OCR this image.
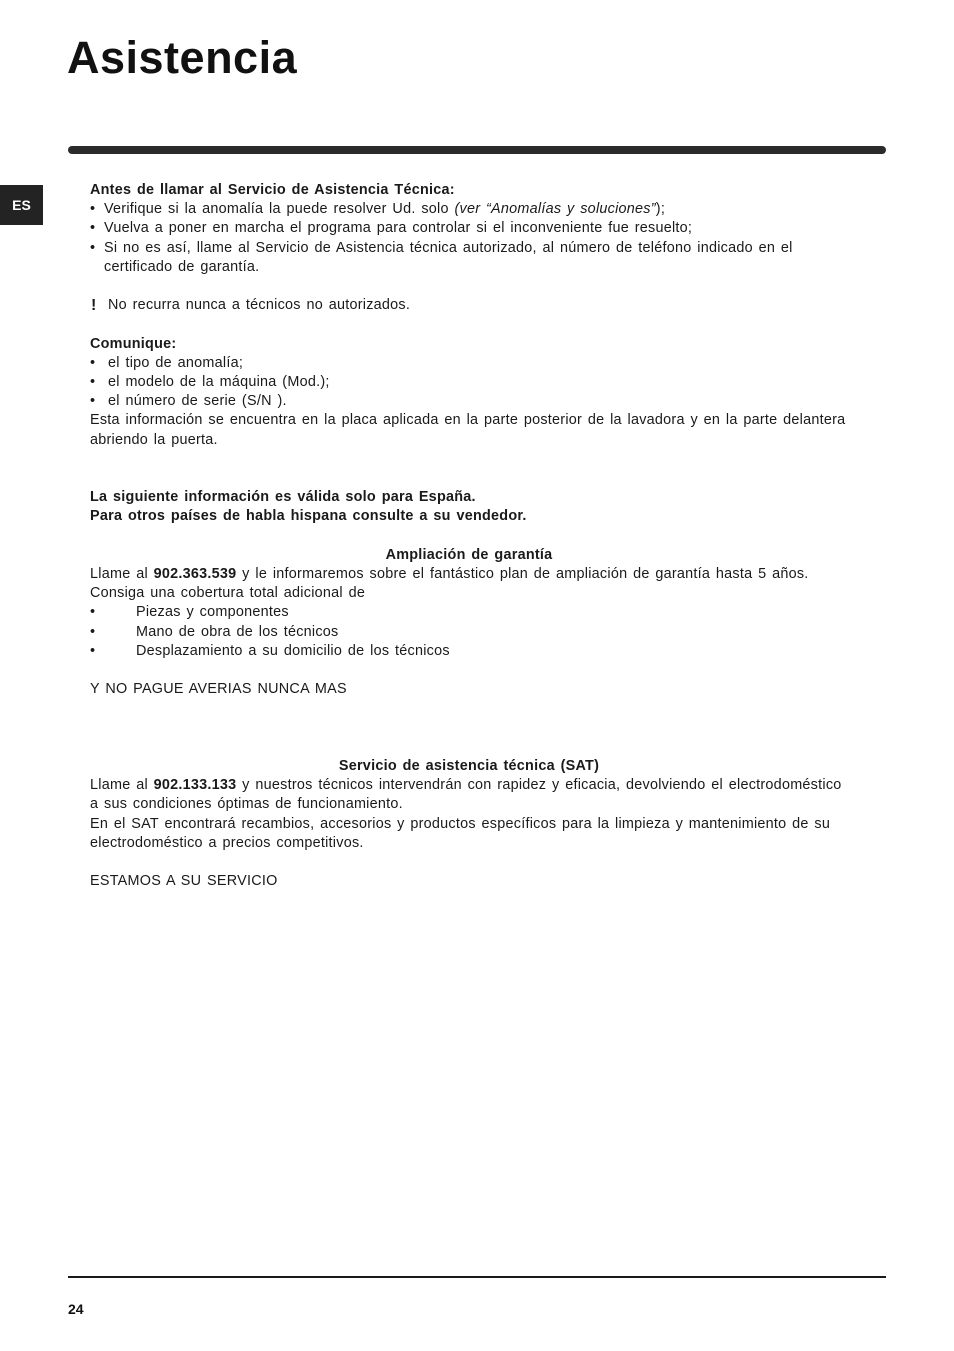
Asistencia
ES

Antes de llamar al Servicio de Asistencia Técnica:

• Verifique si la anomalía la puede resolver Ud. solo (ver “Anomalías y soluciones”);
• Vuelva a poner en marcha el programa para controlar si el inconveniente fue resuelto;
• Si no es así, llame al Servicio de Asistencia técnica autorizado, al número de teléfono indicado en el certificado de garantía.

! No recurra nunca a técnicos no autorizados.

Comunique:

• el tipo de anomalía;
• el modelo de la máquina (Mod.);
• el número de serie (S/N ).

Esta información se encuentra en la placa aplicada en la parte posterior de la lavadora y en la parte delantera abriendo la puerta.

La siguiente información es válida solo para España.

Para otros países de habla hispana consulte a su vendedor.

Ampliación de garantía

Llame al 902.363.539 y le informaremos sobre el fantástico plan de ampliación de garantía hasta 5 años.

Consiga una cobertura total adicional de

•	Piezas y componentes
•	Mano de obra de los técnicos
•	Desplazamiento a su domicilio de los técnicos

Y NO PAGUE AVERIAS NUNCA MAS

Servicio de asistencia técnica (SAT)

Llame al 902.133.133 y nuestros técnicos intervendrán con rapidez y eficacia, devolviendo el electrodoméstico a sus condiciones óptimas de funcionamiento.

En el SAT encontrará recambios, accesorios y productos específicos para la limpieza y mantenimiento de su electrodoméstico a precios competitivos.

ESTAMOS A SU SERVICIO

24
